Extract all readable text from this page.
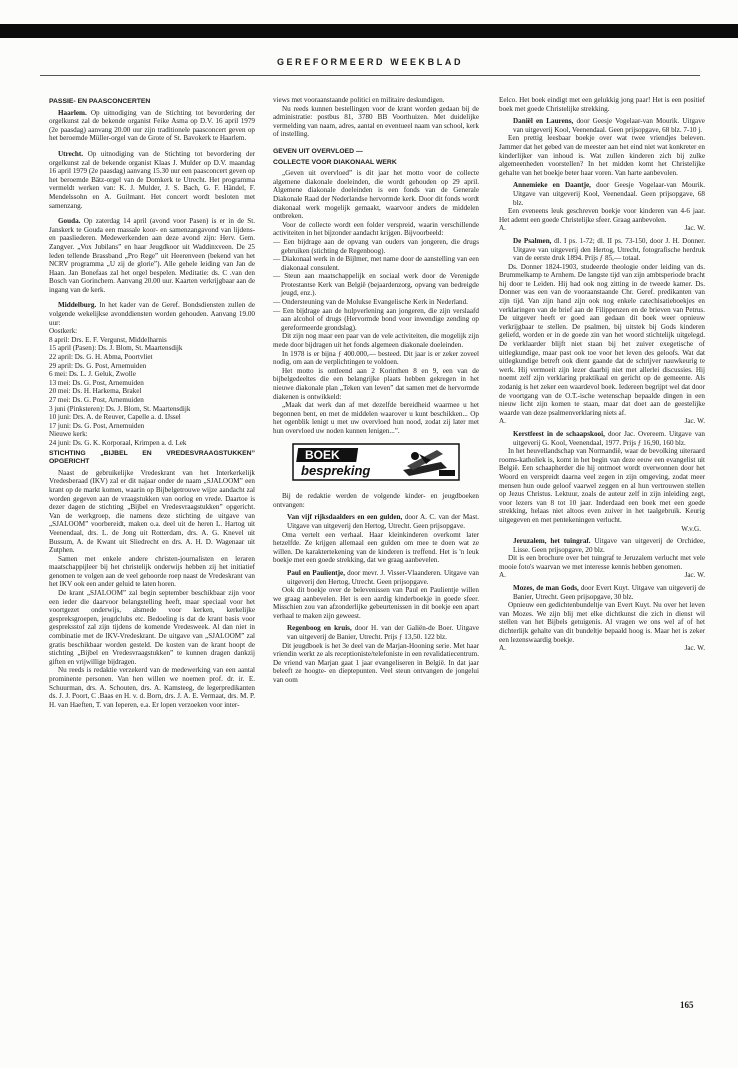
GEREFORMEERD WEEKBLAD

PASSIE- EN PAASCONCERTEN

Haarlem. Op uitnodiging van de Stichting tot bevordering der orgelkunst zal de bekende organist Feike Asma op D.V. 16 april 1979 (2e paasdag) aanvang 20.00 uur zijn traditionele paasconcert geven op het beroemde Müller-orgel van de Grote of St. Bavokerk te Haarlem.

Utrecht. Op uitnodiging van de Stichting tot bevordering der orgelkunst zal de bekende organist Klaas J. Mulder op D.V. maandag 16 april 1979 (2e paasdag) aanvang 15.30 uur een paasconcert geven op het beroemde Bätz-orgel van de Domkerk te Utrecht. Het programma vermeldt werken van: K. J. Mulder, J. S. Bach, G. F. Händel, F. Mendelssohn en A. Guilmant. Het concert wordt besloten met samenzang.

Gouda. Op zaterdag 14 april (avond voor Pasen) is er in de St. Janskerk te Gouda een massale koor- en samenzangavond van lijdens- en paasliederen. Medewerkenden aan deze avond zijn: Herv. Gem. Zangver. „Vox Jubilans” en haar Jeugdkoor uit Waddinxveen. De 25 leden tellende Brassband „Pro Rege” uit Heerenveen (bekend van het NCRV programma „U zij de glorie”). Alle gehele leiding van Jan de Haan. Jan Bonefaas zal het orgel bespelen. Meditatie: ds. C .van den Bosch van Gorinchem. Aanvang 20.00 uur. Kaarten verkrijgbaar aan de ingang van de kerk.

Middelburg. In het kader van de Geref. Bondsdiensten zullen de volgende wekelijkse avonddiensten worden gehouden. Aanvang 19.00 uur:

Oostkerk:

8 april: Drs. E. F. Vergunst, Middelharnis
15 april (Pasen): Ds. J. Blom, St. Maartensdijk
22 april: Ds. G. H. Abma, Poortvliet
29 april: Ds. G. Post, Arnemuiden
6 mei: Ds. L. J. Geluk, Zwolle
13 mei: Ds. G. Post, Arnemuiden
20 mei: Ds. H. Harkema, Brakel
27 mei: Ds. G. Post, Arnemuiden
3 juni (Pinksteren): Ds. J. Blom, St. Maartensdijk
10 juni: Drs. A. de Reuver, Capelle a. d. IJssel
17 juni: Ds. G. Post, Arnemuiden

Nieuwe kerk:

24 juni: Ds. G. K. Korporaal, Krimpen a. d. Lek

STICHTING „BIJBEL EN VREDESVRAAGSTUKKEN” OPGERICHT

Naast de gebruikelijke Vredeskrant van het Interkerkelijk Vredesberaad (IKV) zal er dit najaar onder de naam „SJALOOM” een krant op de markt komen, waarin op Bijbelgetrouwe wijze aandacht zal worden gegeven aan de vraagstukken van oorlog en vrede. Daartoe is dezer dagen de stichting „Bijbel en Vredesvraagstukken” opgericht. Van de werkgroep, die namens deze stichting de uitgave van „SJALOOM” voorbereidt, maken o.a. deel uit de heren L. Hartog uit Veenendaal, drs. L. de Jong uit Rotterdam, drs. A. G. Knevel uit Bussum, A. de Kwant uit Sliedrecht en drs. A. H. D. Wagenaar uit Zutphen.

Samen met enkele andere christen-journalisten en leraren maatschappijleer bij het christelijk onderwijs hebben zij het initiatief genomen te volgen aan de veel gehoorde roep naast de Vredeskrant van het IKV ook een ander geluid te laten horen.

De krant „SJALOOM” zal begin september beschikbaar zijn voor een ieder die daarvoor belangstelling heeft, maar speciaal voor het voortgezet onderwijs, alsmede voor kerken, kerkelijke gespreksgroepen, jeugdclubs etc. Bedoeling is dat de krant basis voor gespreksstof zal zijn tijdens de komende Vredesweek. Al dan niet in combinatie met de IKV-Vredeskrant. De uitgave van „SJALOOM” zal gratis beschikbaar worden gesteld. De kosten van de krant hoopt de stichting „Bijbel en Vredesvraagstukken” te kunnen dragen dankzij giften en vrijwillige bijdragen.

Nu reeds is redaktie verzekerd van de medewerking van een aantal prominente personen. Van hen willen we noemen prof. dr. ir. E. Schuurman, drs. A. Schouten, drs. A. Kamsteeg, de legerpredikanten ds. J. J. Poort, C .Baas en H. v. d. Born, drs. J. A. E. Vermaat, drs. M. P. H. van Haeften, T. van Ieperen, e.a. Er lopen verzoeken voor inter-

views met vooraanstaande politici en militaire deskundigen.

Nu reeds kunnen bestellingen voor de krant worden gedaan bij de administratie: postbus 81, 3780 BB Voorthuizen. Met duidelijke vermelding van naam, adres, aantal en eventueel naam van school, kerk of instelling.

GEVEN UIT OVERVLOED —

COLLECTE VOOR DIAKONAAL WERK

„Geven uit overvloed” is dit jaar het motto voor de collecte algemene diakonale doeleinden, die wordt gehouden op 29 april. Algemene diakonale doeleinden is een fonds van de Generale Diakonale Raad der Nederlandse hervormde kerk. Door dit fonds wordt diakonaal werk mogelijk gemaakt, waarvoor anders de middelen ontbreken.

Voor de collecte wordt een folder verspreid, waarin verschillende activiteiten in het bijzonder aandacht krijgen. Bijvoorbeeld:

— Een bijdrage aan de opvang van ouders van jongeren, die drugs gebruiken (stichting de Regenboog).
— Diakonaal werk in de Bijlmer, met name door de aanstelling van een diakonaal consulent.
— Steun aan maatschappelijk en sociaal werk door de Verenigde Protestantse Kerk van België (bejaardenzorg, opvang van bedreigde jeugd, enz.).
— Ondersteuning van de Molukse Evangelische Kerk in Nederland.
— Een bijdrage aan de hulpverlening aan jongeren, die zijn verslaafd aan alcohol of drugs (Hervormde bond voor inwendige zending op gereformeerde grondslag).

Dit zijn nog maar een paar van de vele activiteiten, die mogelijk zijn mede door bijdragen uit het fonds algemeen diakonale doeleinden.

In 1978 is er bijna ƒ 400.000,— besteed. Dit jaar is er zeker zoveel nodig, om aan de verplichtingen te voldoen.

Het motto is ontleend aan 2 Korinthen 8 en 9, een van de bijbelgedeeltes die een belangrijke plaats hebben gekregen in het nieuwe diakonale plan „Teken van leven” dat samen met de hervormde diakenen is ontwikkeld:

„Maak dat werk dan af met dezelfde bereidheid waarmee u het begonnen bent, en met de middelen waarover u kunt beschikken... Op het ogenblik lenigt u met uw overvloed hun nood, zodat zij later met hun overvloed uw noden kunnen lenigen...”.

BOEK
bespreking

Bij de redaktie werden de volgende kinder- en jeugdboeken ontvangen:

Van vijf rijksdaalders en een gulden, door A. C. van der Mast. Uitgave van uitgeverij den Hertog, Utrecht. Geen prijsopgave.

Oma vertelt een verhaal. Haar kleinkinderen overkomt later hetzelfde. Ze krijgen allemaal een gulden om mee te doen wat ze willen. De karaktertekening van de kinderen is treffend. Het is 'n leuk boekje met een goede strekking, dat we graag aanbevelen.

Paul en Paulientje, door mevr. J. Visser-Vlaanderen. Uitgave van uitgeverij den Hertog, Utrecht. Geen prijsopgave.

Ook dit boekje over de belevenissen van Paul en Paulientje willen we graag aanbevelen. Het is een aardig kinderboekje in goede sfeer. Misschien zou van afzonderlijke gebeurtenissen in dit boekje een apart verhaal te maken zijn geweest.

Regenboog en kruis, door H. van der Galiën-de Boer. Uitgave van uitgeverij de Banier, Utrecht. Prijs ƒ 13,50. 122 blz.

Dit jeugdboek is het 3e deel van de Marjan-Hooning serie. Met haar vriendin werkt ze als receptioniste/telefoniste in een revalidatiecentrum. De vriend van Marjan gaat 1 jaar evangeliseren in België. In dat jaar beleeft ze hoogte- en dieptepunten. Veel steun ontvangen de jongelui van oom

Eelco. Het boek eindigt met een gelukkig jong paar! Het is een positief boek met goede Christelijke strekking.

Daniël en Laurens, door Geesje Vogelaar-van Mourik. Uitgave van uitgeverij Kool, Veenendaal. Geen prijsopgave, 68 blz. 7-10 j.

Een prettig leesbaar boekje over wat twee vriendjes beleven. Jammer dat het gebed van de meester aan het eind niet wat konkreter en kinderlijker van inhoud is. Wat zullen kinderen zich bij zulke algemeenheden voorstellen? In het midden komt het Christelijke gehalte van het boekje beter haar voren. Van harte aanbevolen.

Annemieke en Daantje, door Geesje Vogelaar-van Mourik. Uitgave van uitgeverij Kool, Veenendaal. Geen prijsopgave, 68 blz.

Een eveneens leuk geschreven boekje voor kinderen van 4-6 jaar. Het ademt een goede Christelijke sfeer. Graag aanbevolen.

A.	Jac. W.

De Psalmen, dl. I ps. 1-72; dl. II ps. 73-150, door J. H. Donner. Uitgave van uitgeverij den Hertog, Utrecht, fotografische herdruk van de eerste druk 1894. Prijs ƒ 85,— totaal.

Ds. Donner 1824-1903, studeerde theologie onder leiding van ds. Brummelkamp te Arnhem. De langste tijd van zijn ambtsperiode bracht hij door te Leiden. Hij had ook nog zitting in de tweede kamer. Ds. Donner was een van de vooraanstaande Chr. Geref. predikanten van zijn tijd. Van zijn hand zijn ook nog enkele catechisatieboekjes en verklaringen van de brief aan de Filippenzen en de brieven van Petrus. De uitgever heeft er goed aan gedaan dit boek weer opnieuw verkrijgbaar te stellen. De psalmen, bij uitstek bij Gods kinderen geliefd, worden er in de goede zin van het woord stichtelijk uitgelegd. De verklaarder blijft niet staan bij het zuiver exegetische of uitlegkundige, maar past ook toe voor het leven des geloofs. Wat dat uitlegkundige betreft ook dient gaande dat de schrijver nauwkeurig te werk. Hij vermoeit zijn lezer daarbij niet met allerlei discussies. Hij noemt zelf zijn verklaring praktikaal en gericht op de gemeente. Als zodanig is het zeker een waardevol boek. Iedereen begrijpt wel dat door de voortgang van de O.T.-ische wetenschap bepaalde dingen in een nieuw licht zijn komen te staan, maar dat doet aan de geestelijke waarde van deze psalmenverklaring niets af.

A.	Jac. W.

Kerstfeest in de schaapskooi, door Jac. Overeem. Uitgave van uitgeverij G. Kool, Veenendaal, 1977. Prijs ƒ 16,90, 160 blz.

In het heuvellandschap van Normandië, waar de bevolking uiteraard rooms-katholiek is, komt in het begin van deze eeuw een evangelist uit België. Een schaapherder die hij ontmoet wordt overwonnen door het Woord en verspreidt daarna veel zegen in zijn omgeving, zodat meer mensen hun oude geloof vaarwel zeggen en al hun vertrouwen stellen op Jezus Christus. Lektuur, zoals de auteur zelf in zijn inleiding zegt, voor lezers van 8 tot 10 jaar. Inderdaad een boek met een goede strekking, helaas niet altoos even zuiver in het taalgebruik. Keurig uitgegeven en met pentekeningen verlucht.

W.v.G.

Jeruzalem, het tuingraf. Uitgave van uitgeverij de Orchidee, Lisse. Geen prijsopgave, 20 blz.

Dit is een brochure over het tuingraf te Jeruzalem verlucht met vele mooie foto's waarvan we met interesse kennis hebben genomen.

A.	Jac. W.

Mozes, de man Gods, door Evert Kuyt. Uitgave van uitgeverij de Banier, Utrecht. Geen prijsopgave, 30 blz.

Opnieuw een gedichtenbundeltje van Evert Kuyt. Nu over het leven van Mozes. We zijn blij met elke dichtkunst die zich in dienst wil stellen van het Bijbels getuigenis. Al vragen we ons wel af of het dichterlijk gehalte van dit bundeltje bepaald hoog is. Maar het is zeker een lezenswaardig boekje.

A.	Jac. W.
165
